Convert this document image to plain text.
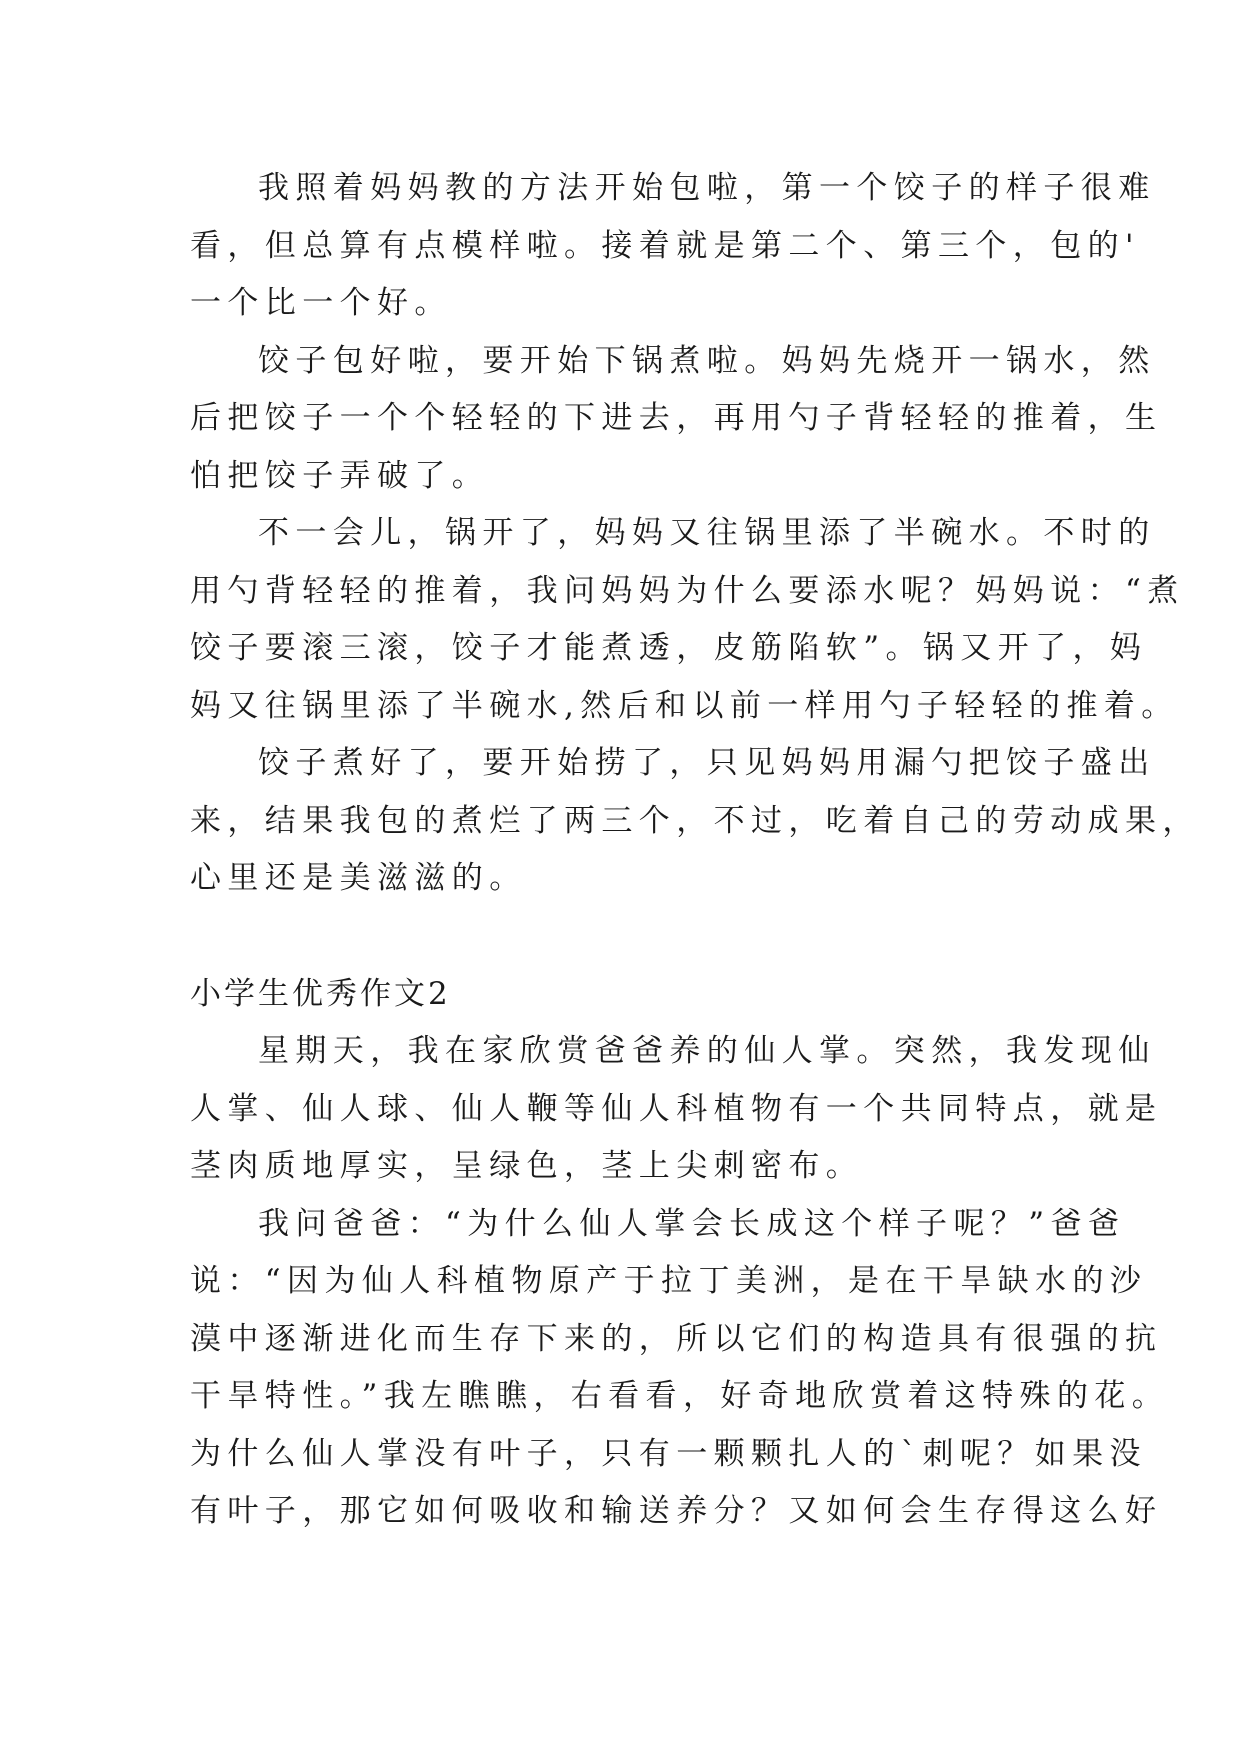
我照着妈妈教的方法开始包啦，第一个饺子的样子很难
看，但总算有点模样啦。接着就是第二个、第三个，包的'
一个比一个好。
饺子包好啦，要开始下锅煮啦。妈妈先烧开一锅水，然
后把饺子一个个轻轻的下进去，再用勺子背轻轻的推着，生
怕把饺子弄破了。
不一会儿，锅开了，妈妈又往锅里添了半碗水。不时的
用勺背轻轻的推着，我问妈妈为什么要添水呢？妈妈说：“煮
饺子要滚三滚，饺子才能煮透，皮筋陷软”。锅又开了，妈
妈又往锅里添了半碗水,然后和以前一样用勺子轻轻的推着。
饺子煮好了，要开始捞了，只见妈妈用漏勺把饺子盛出
来，结果我包的煮烂了两三个，不过，吃着自己的劳动成果，
心里还是美滋滋的。
小学生优秀作文2
星期天，我在家欣赏爸爸养的仙人掌。突然，我发现仙
人掌、仙人球、仙人鞭等仙人科植物有一个共同特点，就是
茎肉质地厚实，呈绿色，茎上尖刺密布。
我问爸爸：“为什么仙人掌会长成这个样子呢？”爸爸
说：“因为仙人科植物原产于拉丁美洲，是在干旱缺水的沙
漠中逐渐进化而生存下来的，所以它们的构造具有很强的抗
干旱特性。”我左瞧瞧，右看看，好奇地欣赏着这特殊的花。
为什么仙人掌没有叶子，只有一颗颗扎人的`刺呢？如果没
有叶子，那它如何吸收和输送养分？又如何会生存得这么好
